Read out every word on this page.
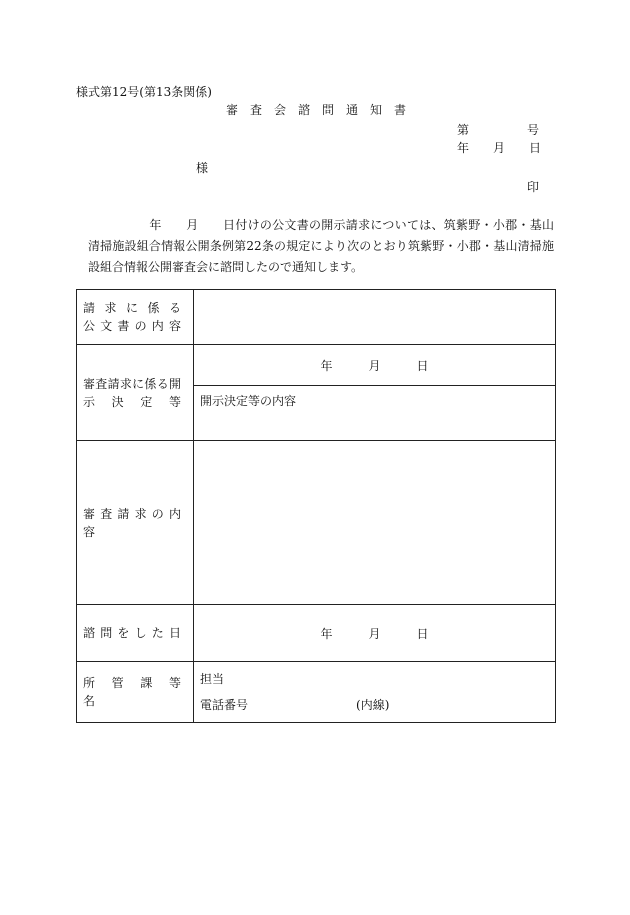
様式第12号(第13条関係)
審査会諮問通知書
第	号
年 月 日
様
印

　　　　　年　　月　　日付けの公文書の開示請求については、筑紫野・小郡・基山清掃施設組合情報公開条例第22条の規定により次のとおり筑紫野・小郡・基山清掃施設組合情報公開審査会に諮問したので通知します。

請 求 に 係 る
公 文 書 の 内 容	

審査請求に係る開
示　決　定　等	年 月 日
	開示決定等の内容

審 査 請 求 の 内 容	

諮 問 を し た 日	年 月 日

所　管　課　等　名	担当
電話番号 (内線)
